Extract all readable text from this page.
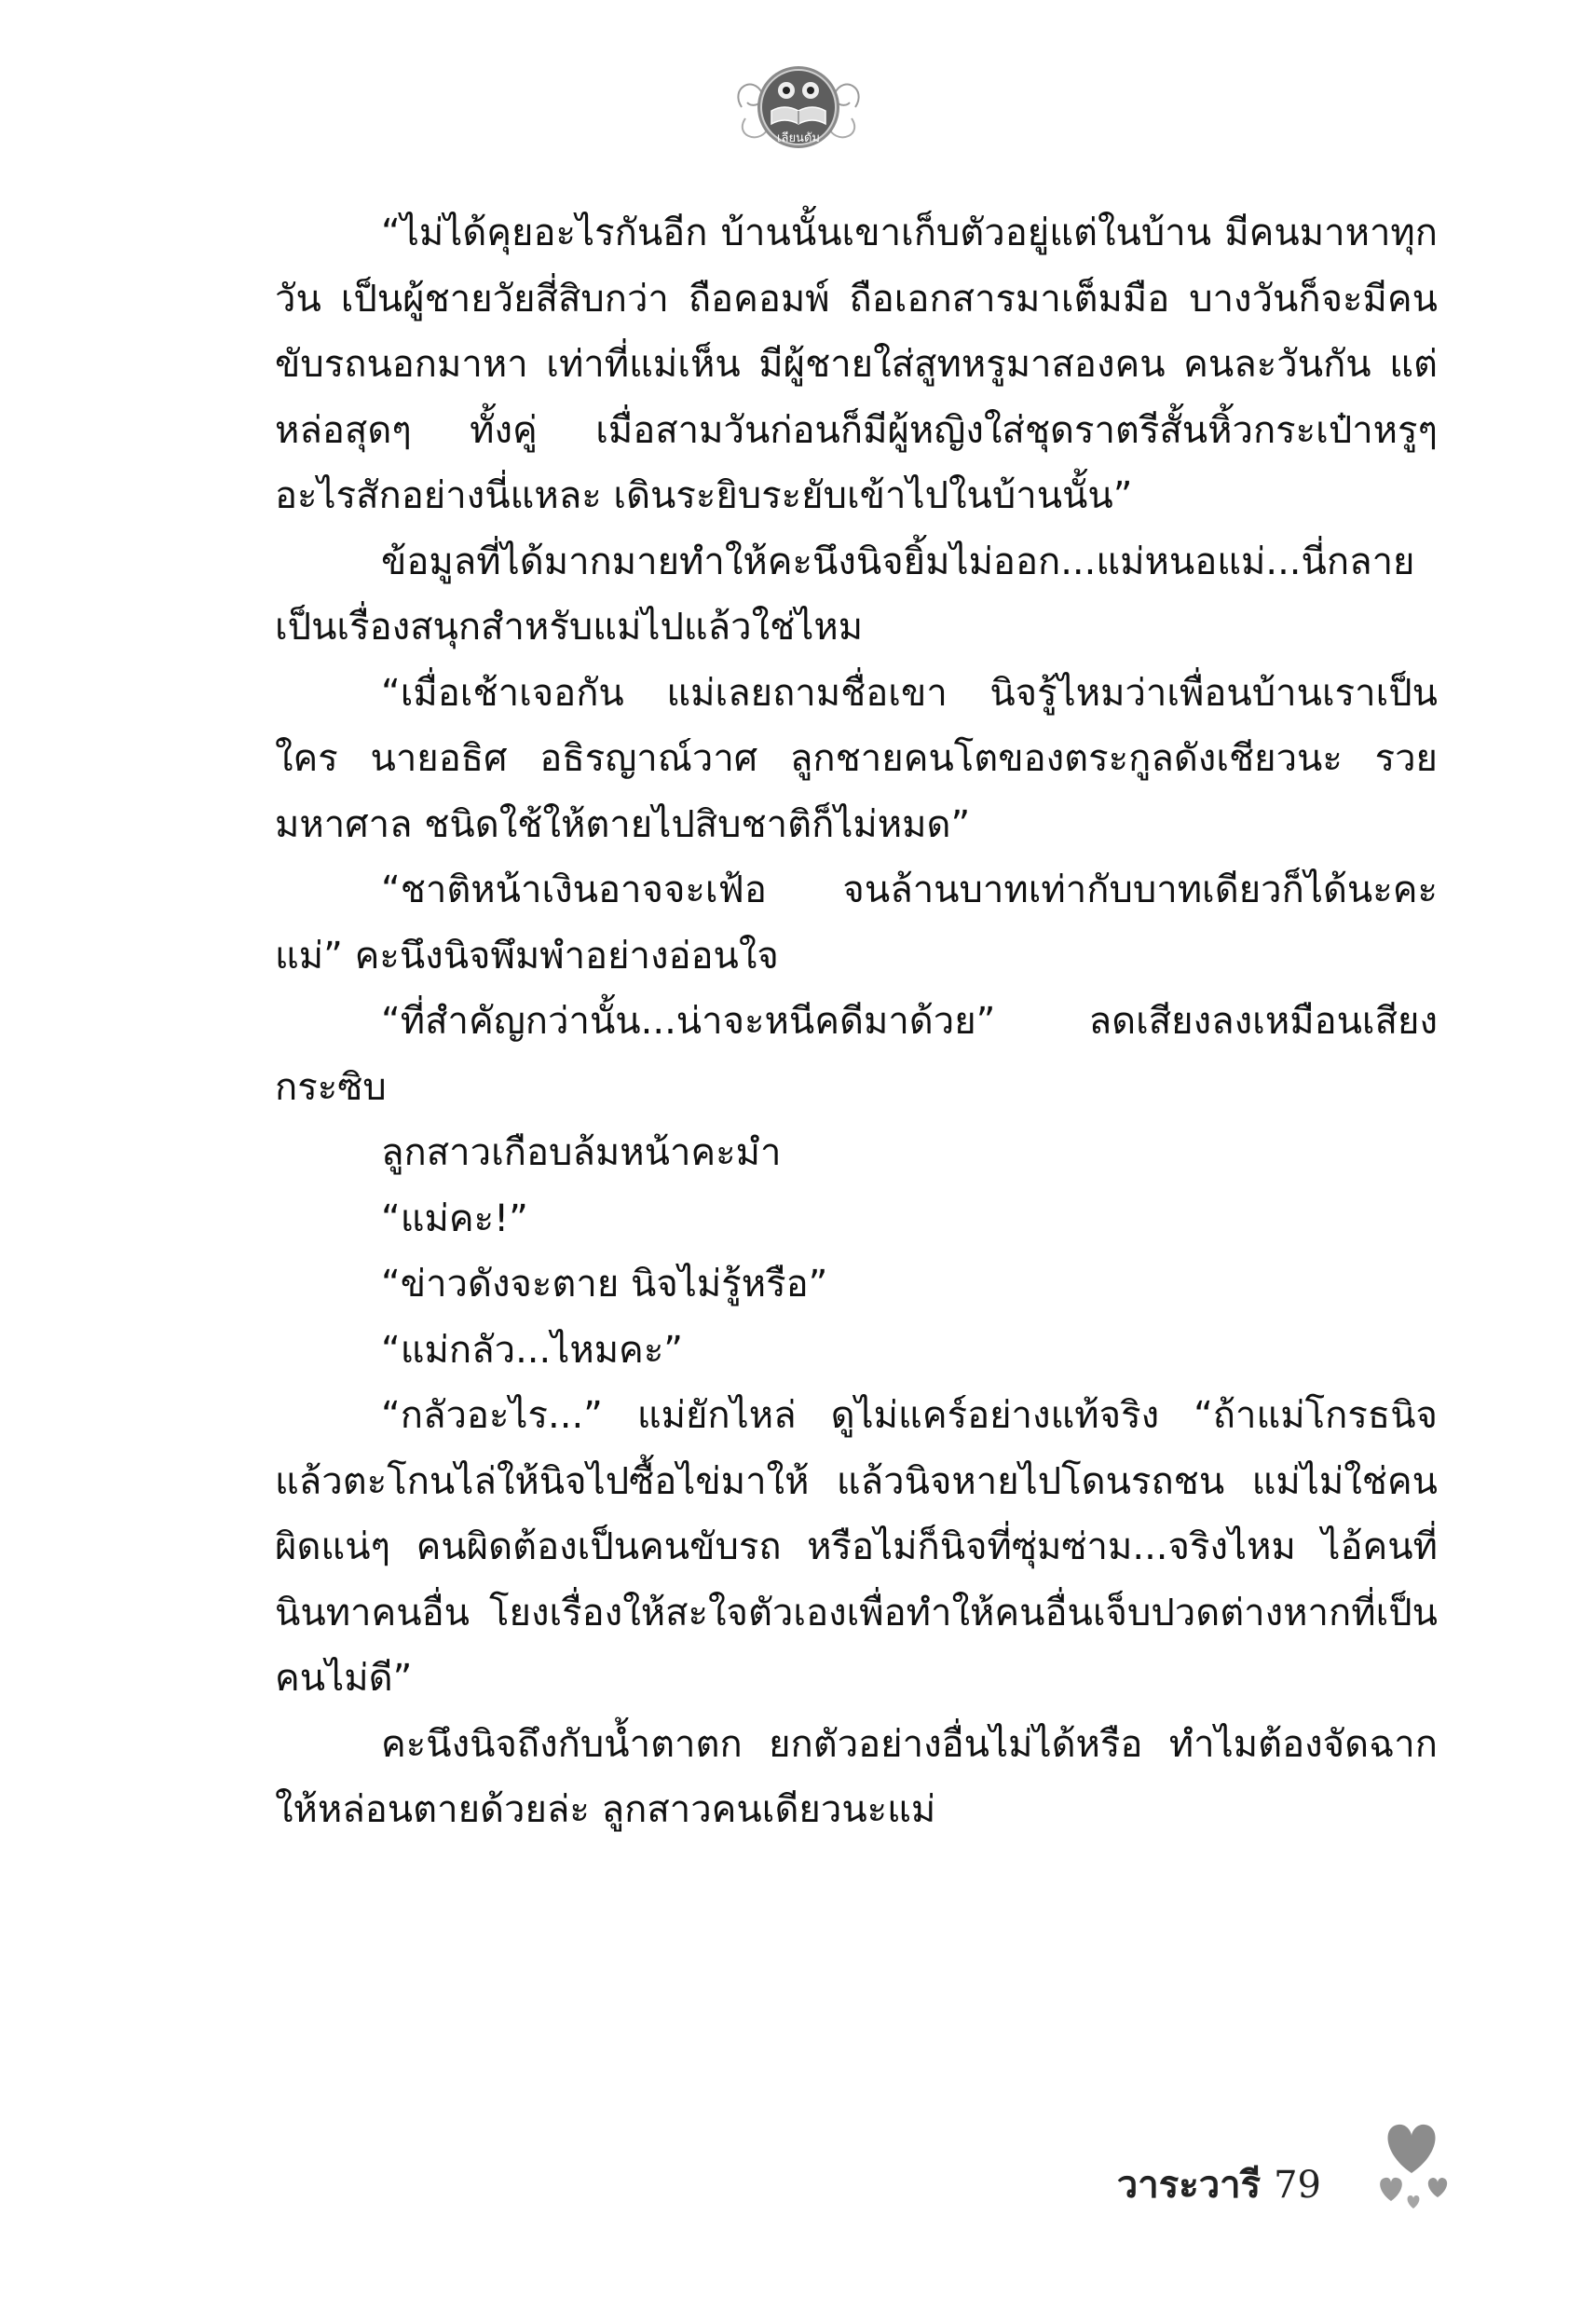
เลียนดัม

“ไม่ได้คุยอะไรกันอีก บ้านนั้นเขาเก็บตัวอยู่แต่ในบ้าน มีคนมาหาทุกวัน เป็นผู้ชายวัยสี่สิบกว่า ถือคอมพ์ ถือเอกสารมาเต็มมือ บางวันก็จะมีคนขับรถนอกมาหา เท่าที่แม่เห็น มีผู้ชายใส่สูทหรูมาสองคน คนละวันกัน แต่หล่อสุดๆ ทั้งคู่ เมื่อสามวันก่อนก็มีผู้หญิงใส่ชุดราตรีสั้นหิ้วกระเป๋าหรูๆ อะไรสักอย่างนี่แหละ เดินระยิบระยับเข้าไปในบ้านนั้น”

ข้อมูลที่ได้มากมายทำให้คะนึงนิจยิ้มไม่ออก...แม่หนอแม่...นี่กลายเป็นเรื่องสนุกสำหรับแม่ไปแล้วใช่ไหม

“เมื่อเช้าเจอกัน แม่เลยถามชื่อเขา นิจรู้ไหมว่าเพื่อนบ้านเราเป็นใคร นายอธิศ อธิรญาณ์วาศ ลูกชายคนโตของตระกูลดังเชียวนะ รวยมหาศาล ชนิดใช้ให้ตายไปสิบชาติก็ไม่หมด”

“ชาติหน้าเงินอาจจะเฟ้อ จนล้านบาทเท่ากับบาทเดียวก็ได้นะคะแม่” คะนึงนิจพึมพำอย่างอ่อนใจ

“ที่สำคัญกว่านั้น...น่าจะหนีคดีมาด้วย” ลดเสียงลงเหมือนเสียงกระซิบ

ลูกสาวเกือบล้มหน้าคะมำ

“แม่คะ!”

“ข่าวดังจะตาย นิจไม่รู้หรือ”

“แม่กลัว...ไหมคะ”

“กลัวอะไร...” แม่ยักไหล่ ดูไม่แคร์อย่างแท้จริง “ถ้าแม่โกรธนิจแล้วตะโกนไล่ให้นิจไปซื้อไข่มาให้ แล้วนิจหายไปโดนรถชน แม่ไม่ใช่คนผิดแน่ๆ คนผิดต้องเป็นคนขับรถ หรือไม่ก็นิจที่ซุ่มซ่าม...จริงไหม ไอ้คนที่นินทาคนอื่น โยงเรื่องให้สะใจตัวเองเพื่อทำให้คนอื่นเจ็บปวดต่างหากที่เป็นคนไม่ดี”

คะนึงนิจถึงกับน้ำตาตก ยกตัวอย่างอื่นไม่ได้หรือ ทำไมต้องจัดฉากให้หล่อนตายด้วยล่ะ ลูกสาวคนเดียวนะแม่

วาระวารี 79
